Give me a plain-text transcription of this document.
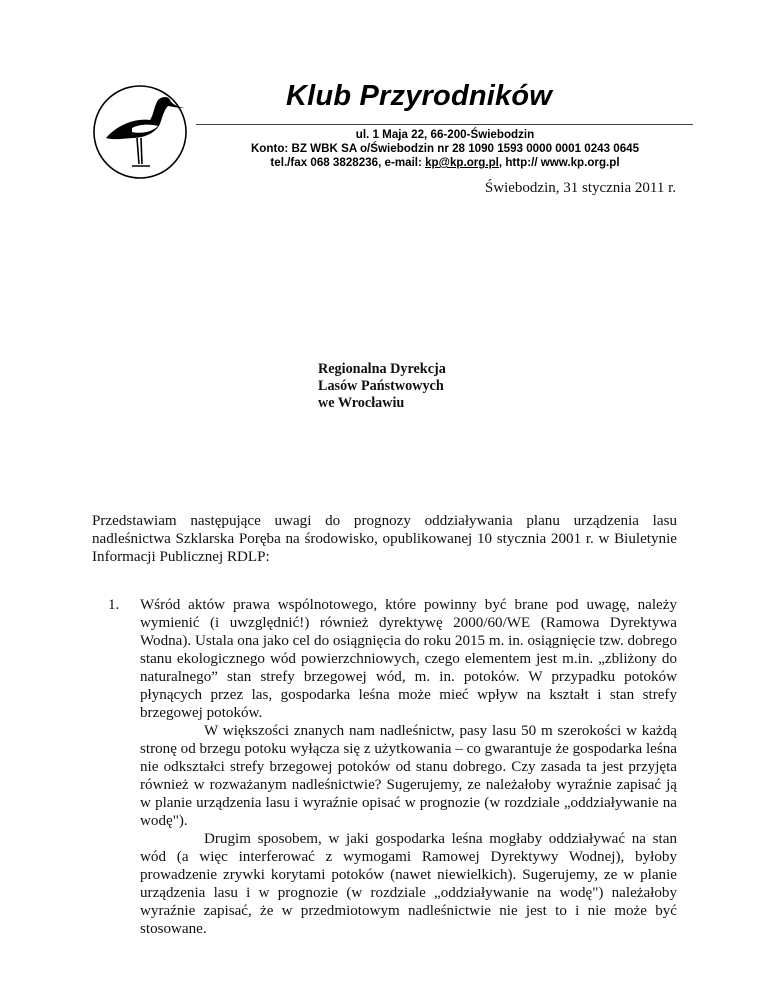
Klub Przyrodników
ul. 1 Maja 22, 66-200-Świebodzin
Konto: BZ WBK SA o/Świebodzin nr 28 1090 1593 0000 0001 0243 0645
tel./fax 068 3828236, e-mail: kp@kp.org.pl, http:// www.kp.org.pl
Świebodzin, 31 stycznia 2011 r.
Regionalna Dyrekcja
Lasów Państwowych
we Wrocławiu
Przedstawiam następujące uwagi do prognozy oddziaływania planu urządzenia lasu nadleśnictwa Szklarska Poręba na środowisko, opublikowanej 10 stycznia 2001 r. w Biuletynie Informacji Publicznej RDLP:
1. Wśród aktów prawa wspólnotowego, które powinny być brane pod uwagę, należy wymienić (i uwzględnić!) również dyrektywę 2000/60/WE (Ramowa Dyrektywa Wodna). Ustala ona jako cel do osiągnięcia do roku 2015 m. in. osiągnięcie tzw. dobrego stanu ekologicznego wód powierzchniowych, czego elementem jest m.in. „zbliżony do naturalnego” stan strefy brzegowej wód, m. in. potoków. W przypadku potoków płynących przez las, gospodarka leśna może mieć wpływ na kształt i stan strefy brzegowej potoków.

W większości znanych nam nadleśnictw, pasy lasu 50 m szerokości w każdą stronę od brzegu potoku wyłącza się z użytkowania – co gwarantuje że gospodarka leśna nie odkształci strefy brzegowej potoków od stanu dobrego. Czy zasada ta jest przyjęta również w rozważanym nadleśnictwie? Sugerujemy, ze należałoby wyraźnie zapisać ją w planie urządzenia lasu i wyraźnie opisać w prognozie (w rozdziale „oddziaływanie na wodę").

Drugim sposobem, w jaki gospodarka leśna mogłaby oddziaływać na stan wód (a więc interferować z wymogami Ramowej Dyrektywy Wodnej), byłoby prowadzenie zrywki korytami potoków (nawet niewielkich). Sugerujemy, ze w planie urządzenia lasu i w prognozie (w rozdziale „oddziaływanie na wodę") należałoby wyraźnie zapisać, że w przedmiotowym nadleśnictwie nie jest to i nie może być stosowane.
